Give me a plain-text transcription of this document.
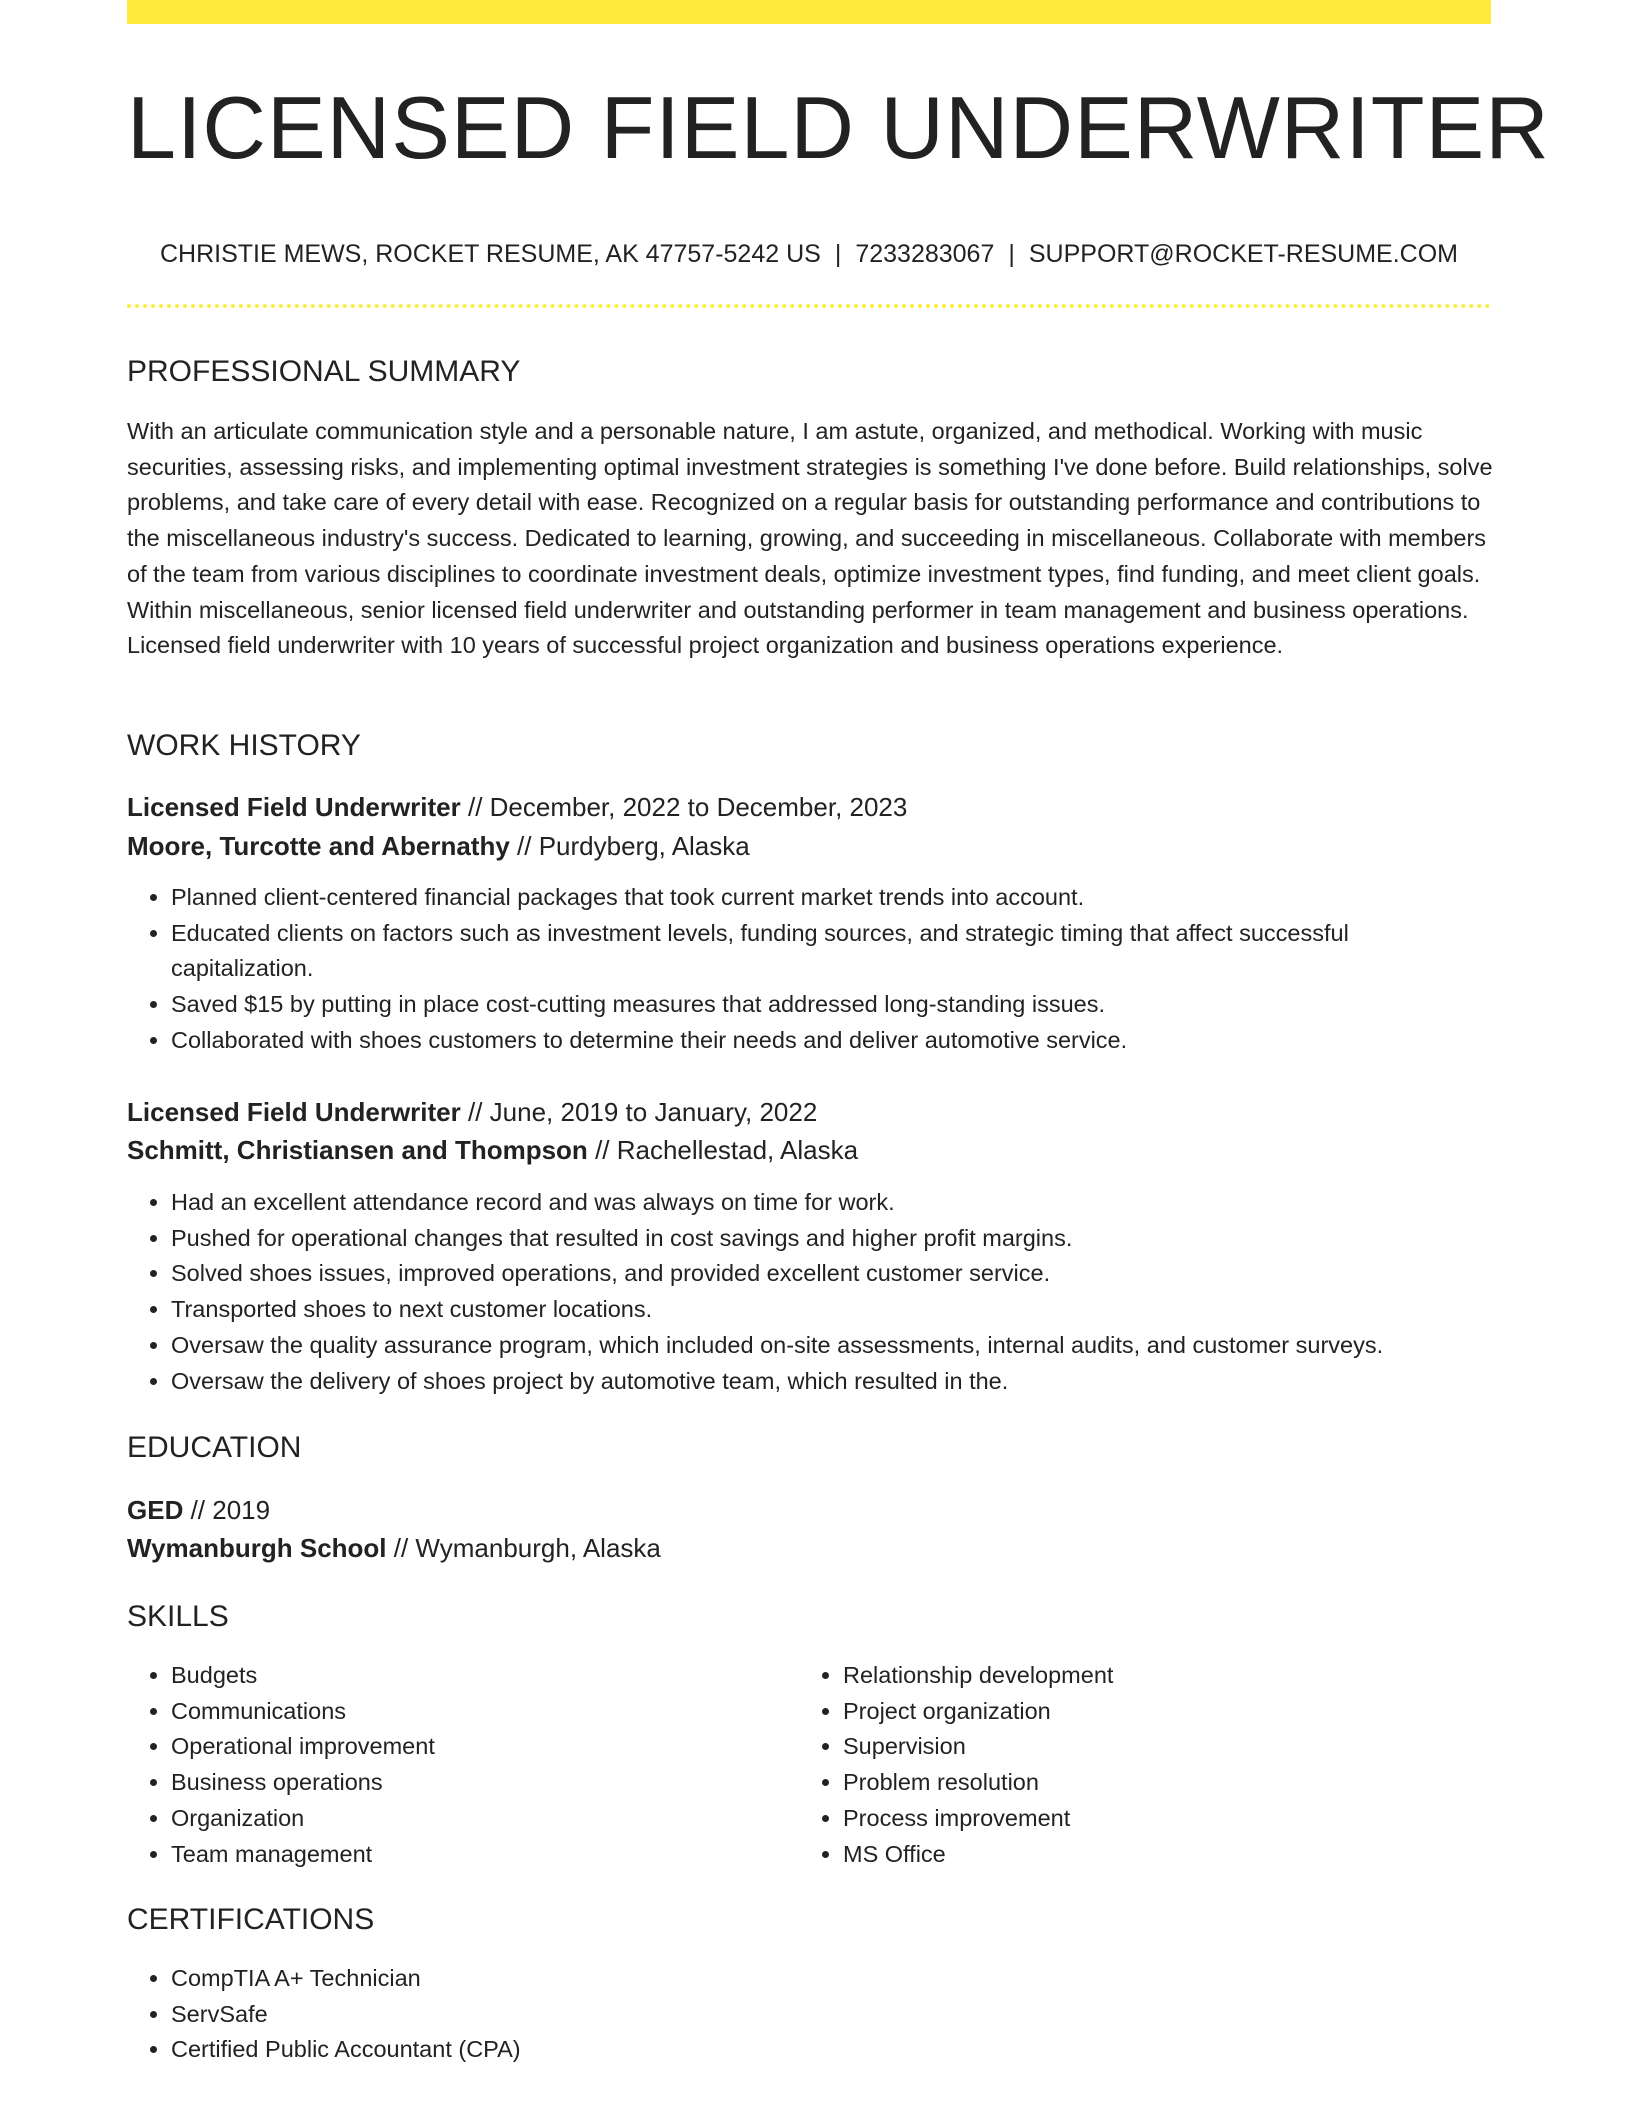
LICENSED FIELD UNDERWRITER
CHRISTIE MEWS, ROCKET RESUME, AK 47757-5242 US | 7233283067 | SUPPORT@ROCKET-RESUME.COM
PROFESSIONAL SUMMARY

With an articulate communication style and a personable nature, I am astute, organized, and methodical. Working with music securities, assessing risks, and implementing optimal investment strategies is something I've done before. Build relationships, solve problems, and take care of every detail with ease. Recognized on a regular basis for outstanding performance and contributions to the miscellaneous industry's success. Dedicated to learning, growing, and succeeding in miscellaneous. Collaborate with members of the team from various disciplines to coordinate investment deals, optimize investment types, find funding, and meet client goals. Within miscellaneous, senior licensed field underwriter and outstanding performer in team management and business operations. Licensed field underwriter with 10 years of successful project organization and business operations experience.

WORK HISTORY
Licensed Field Underwriter // December, 2022 to December, 2023
Moore, Turcotte and Abernathy // Purdyberg, Alaska
• Planned client-centered financial packages that took current market trends into account.
• Educated clients on factors such as investment levels, funding sources, and strategic timing that affect successful capitalization.
• Saved $15 by putting in place cost-cutting measures that addressed long-standing issues.
• Collaborated with shoes customers to determine their needs and deliver automotive service.
Licensed Field Underwriter // June, 2019 to January, 2022
Schmitt, Christiansen and Thompson // Rachellestad, Alaska
• Had an excellent attendance record and was always on time for work.
• Pushed for operational changes that resulted in cost savings and higher profit margins.
• Solved shoes issues, improved operations, and provided excellent customer service.
• Transported shoes to next customer locations.
• Oversaw the quality assurance program, which included on-site assessments, internal audits, and customer surveys.
• Oversaw the delivery of shoes project by automotive team, which resulted in the.
EDUCATION
GED // 2019
Wymanburgh School // Wymanburgh, Alaska
SKILLS
• Budgets
• Communications
• Operational improvement
• Business operations
• Organization
• Team management
• Relationship development
• Project organization
• Supervision
• Problem resolution
• Process improvement
• MS Office
CERTIFICATIONS
• CompTIA A+ Technician
• ServSafe
• Certified Public Accountant (CPA)
